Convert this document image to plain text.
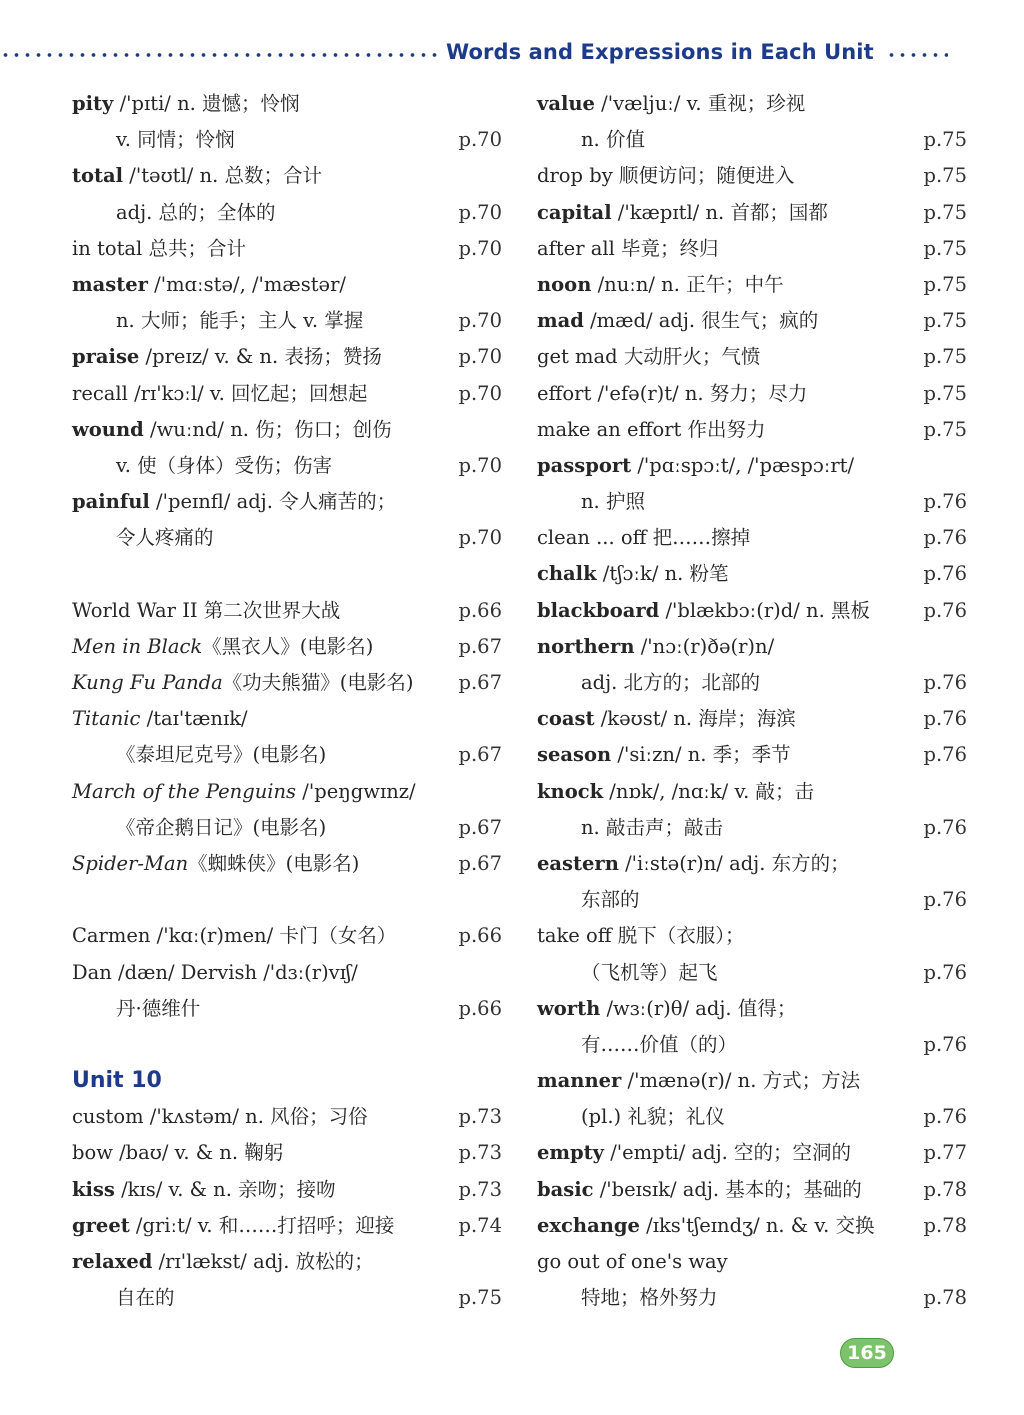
Words and Expressions in Each Unit
pity /'pɪti/ n. 遗憾；怜悯
v. 同情；怜悯	p.70
total /'təʊtl/ n. 总数；合计
adj. 总的；全体的	p.70
in total 总共；合计	p.70
master /'mɑːstə/, /'mæstər/
n. 大师；能手；主人 v. 掌握	p.70
praise /preɪz/ v. & n. 表扬；赞扬	p.70
recall /rɪ'kɔːl/ v. 回忆起；回想起	p.70
wound /wuːnd/ n. 伤；伤口；创伤
v. 使（身体）受伤；伤害	p.70
painful /'peɪnfl/ adj. 令人痛苦的；
令人疼痛的	p.70
World War II 第二次世界大战	p.66
Men in Black《黑衣人》(电影名)	p.67
Kung Fu Panda《功夫熊猫》(电影名) p.67
Titanic /taɪ'tænɪk/
《泰坦尼克号》(电影名)	p.67
March of the Penguins /'peŋgwɪnz/
《帝企鹅日记》(电影名)	p.67
Spider-Man《蜘蛛侠》(电影名)	p.67
Carmen /'kɑː(r)men/ 卡门（女名）	p.66
Dan /dæn/ Dervish /'dɜː(r)vɪʃ/
丹·德维什	p.66
Unit 10
custom /'kʌstəm/ n. 风俗；习俗	p.73
bow /baʊ/ v. & n. 鞠躬	p.73
kiss /kɪs/ v. & n. 亲吻；接吻	p.73
greet /griːt/ v. 和……打招呼；迎接	p.74
relaxed /rɪ'lækst/ adj. 放松的；
自在的	p.75
value /'væljuː/ v. 重视；珍视
n. 价值	p.75
drop by 顺便访问；随便进入	p.75
capital /'kæpɪtl/ n. 首都；国都	p.75
after all 毕竟；终归	p.75
noon /nuːn/ n. 正午；中午	p.75
mad /mæd/ adj. 很生气；疯的	p.75
get mad 大动肝火；气愤	p.75
effort /'efə(r)t/ n. 努力；尽力	p.75
make an effort 作出努力	p.75
passport /'pɑːspɔːt/, /'pæspɔːrt/
n. 护照	p.76
clean ... off 把……擦掉	p.76
chalk /tʃɔːk/ n. 粉笔	p.76
blackboard /'blækbɔː(r)d/ n. 黑板	p.76
northern /'nɔː(r)ðə(r)n/
adj. 北方的；北部的	p.76
coast /kəʊst/ n. 海岸；海滨	p.76
season /'siːzn/ n. 季；季节	p.76
knock /nɒk/, /nɑːk/ v. 敲；击
n. 敲击声；敲击	p.76
eastern /'iːstə(r)n/ adj. 东方的；
东部的	p.76
take off 脱下（衣服）；
（飞机等）起飞	p.76
worth /wɜː(r)θ/ adj. 值得；
有……价值（的）	p.76
manner /'mænə(r)/ n. 方式；方法
(pl.) 礼貌；礼仪	p.76
empty /'empti/ adj. 空的；空洞的	p.77
basic /'beɪsɪk/ adj. 基本的；基础的	p.78
exchange /ɪks'tʃeɪndʒ/ n. & v. 交换	p.78
go out of one's way
特地；格外努力	p.78
165
